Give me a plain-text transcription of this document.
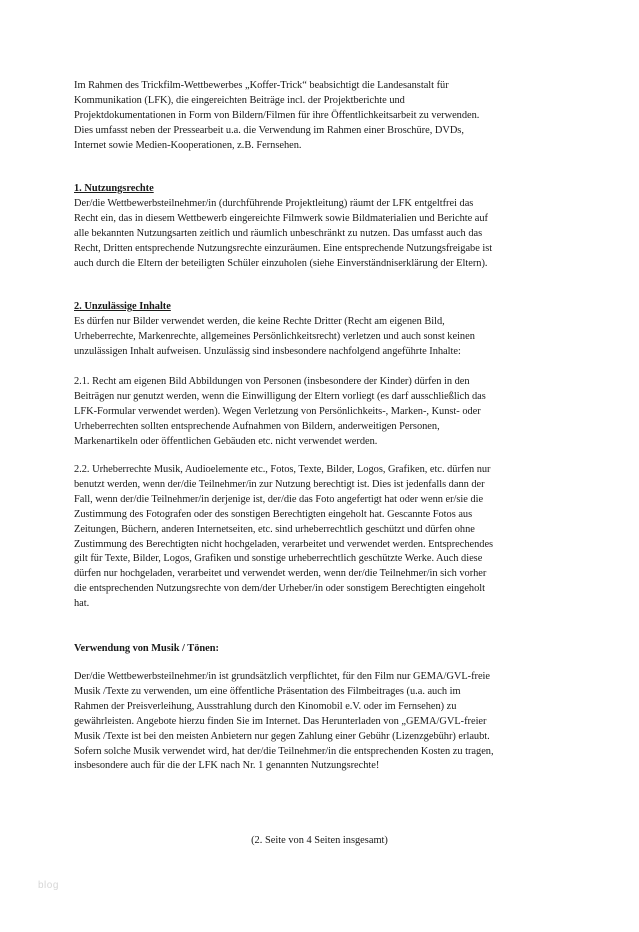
Im Rahmen des Trickfilm-Wettbewerbes „Koffer-Trick“ beabsichtigt die Landesanstalt für
Kommunikation (LFK), die eingereichten Beiträge incl. der Projektberichte und
Projektdokumentationen in Form von Bildern/Filmen für ihre Öffentlichkeitsarbeit zu verwenden.
Dies umfasst neben der Pressearbeit u.a. die Verwendung im Rahmen einer Broschüre, DVDs,
Internet sowie Medien-Kooperationen, z.B. Fernsehen.
1. Nutzungsrechte
Der/die Wettbewerbsteilnehmer/in (durchführende Projektleitung) räumt der LFK entgeltfrei das
Recht ein, das in diesem Wettbewerb eingereichte Filmwerk sowie Bildmaterialien und Berichte auf
alle bekannten Nutzungsarten zeitlich und räumlich unbeschränkt zu nutzen. Das umfasst auch das
Recht, Dritten entsprechende Nutzungsrechte einzuräumen. Eine entsprechende Nutzungsfreigabe ist
auch durch die Eltern der beteiligten Schüler einzuholen (siehe Einverständniserklärung der Eltern).
2. Unzulässige Inhalte
Es dürfen nur Bilder verwendet werden, die keine Rechte Dritter (Recht am eigenen Bild,
Urheberrechte, Markenrechte, allgemeines Persönlichkeitsrecht) verletzen und auch sonst keinen
unzulässigen Inhalt aufweisen. Unzulässig sind insbesondere nachfolgend angeführte Inhalte:
2.1. Recht am eigenen Bild Abbildungen von Personen (insbesondere der Kinder) dürfen in den
Beiträgen nur genutzt werden, wenn die Einwilligung der Eltern vorliegt (es darf ausschließlich das
LFK-Formular verwendet werden). Wegen Verletzung von Persönlichkeits-, Marken-, Kunst- oder
Urheberrechten sollten entsprechende Aufnahmen von Bildern, anderweitigen Personen,
Markenartikeln oder öffentlichen Gebäuden etc. nicht verwendet werden.
2.2. Urheberrechte Musik, Audioelemente etc., Fotos, Texte, Bilder, Logos, Grafiken, etc. dürfen nur
benutzt werden, wenn der/die Teilnehmer/in zur Nutzung berechtigt ist. Dies ist jedenfalls dann der
Fall, wenn der/die Teilnehmer/in derjenige ist, der/die das Foto angefertigt hat oder wenn er/sie die
Zustimmung des Fotografen oder des sonstigen Berechtigten eingeholt hat. Gescannte Fotos aus
Zeitungen, Büchern, anderen Internetseiten, etc. sind urheberrechtlich geschützt und dürfen ohne
Zustimmung des Berechtigten nicht hochgeladen, verarbeitet und verwendet werden. Entsprechendes
gilt für Texte, Bilder, Logos, Grafiken und sonstige urheberrechtlich geschützte Werke. Auch diese
dürfen nur hochgeladen, verarbeitet und verwendet werden, wenn der/die Teilnehmer/in sich vorher
die entsprechenden Nutzungsrechte von dem/der Urheber/in oder sonstigem Berechtigten eingeholt
hat.
Verwendung von Musik / Tönen:
Der/die Wettbewerbsteilnehmer/in ist grundsätzlich verpflichtet, für den Film nur GEMA/GVL-freie
Musik /Texte zu verwenden, um eine öffentliche Präsentation des Filmbeitrages (u.a. auch im
Rahmen der Preisverleihung, Ausstrahlung durch den Kinomobil e.V. oder im Fernsehen) zu
gewährleisten. Angebote hierzu finden Sie im Internet. Das Herunterladen von „GEMA/GVL-freier
Musik /Texte ist bei den meisten Anbietern nur gegen Zahlung einer Gebühr (Lizenzgebühr) erlaubt.
Sofern solche Musik verwendet wird, hat der/die Teilnehmer/in die entsprechenden Kosten zu tragen,
insbesondere auch für die der LFK nach Nr. 1 genannten Nutzungsrechte!
(2. Seite von 4 Seiten insgesamt)
blog
